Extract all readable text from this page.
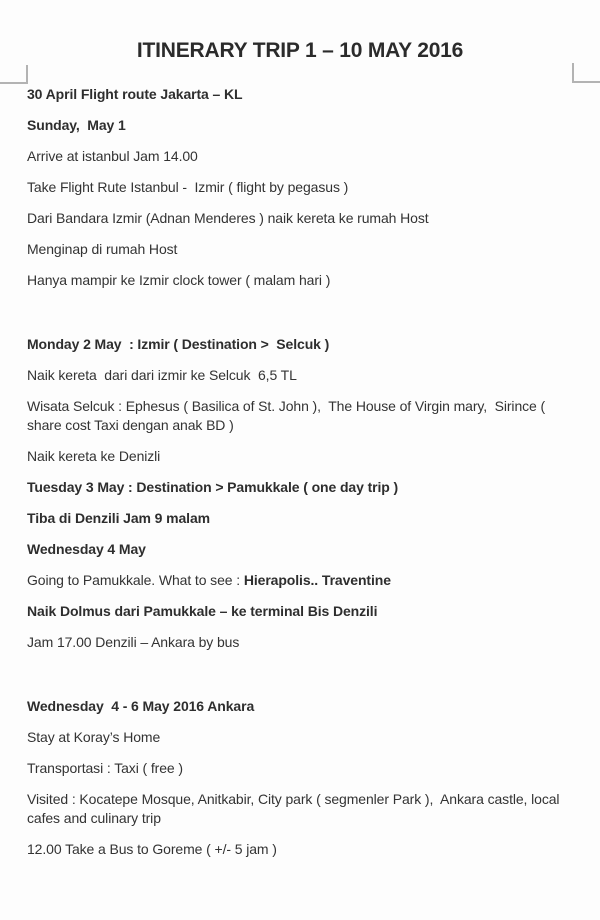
ITINERARY TRIP 1 – 10 MAY 2016

30 April Flight route Jakarta – KL

Sunday,  May 1

Arrive at istanbul Jam 14.00

Take Flight Rute Istanbul -  Izmir ( flight by pegasus )

Dari Bandara Izmir (Adnan Menderes ) naik kereta ke rumah Host

Menginap di rumah Host

Hanya mampir ke Izmir clock tower ( malam hari )

Monday 2 May  : Izmir ( Destination >  Selcuk )

Naik kereta  dari dari izmir ke Selcuk  6,5 TL

Wisata Selcuk : Ephesus ( Basilica of St. John ),  The House of Virgin mary,  Sirince ( share cost Taxi dengan anak BD )

Naik kereta ke Denizli

Tuesday 3 May : Destination > Pamukkale ( one day trip )

Tiba di Denzili Jam 9 malam

Wednesday 4 May

Going to Pamukkale. What to see : Hierapolis.. Traventine

Naik Dolmus dari Pamukkale – ke terminal Bis Denzili

Jam 17.00 Denzili – Ankara by bus

Wednesday  4 - 6 May 2016 Ankara

Stay at Koray’s Home

Transportasi : Taxi ( free )

Visited : Kocatepe Mosque, Anitkabir, City park ( segmenler Park ),  Ankara castle, local cafes and culinary trip

12.00 Take a Bus to Goreme ( +/- 5 jam )
